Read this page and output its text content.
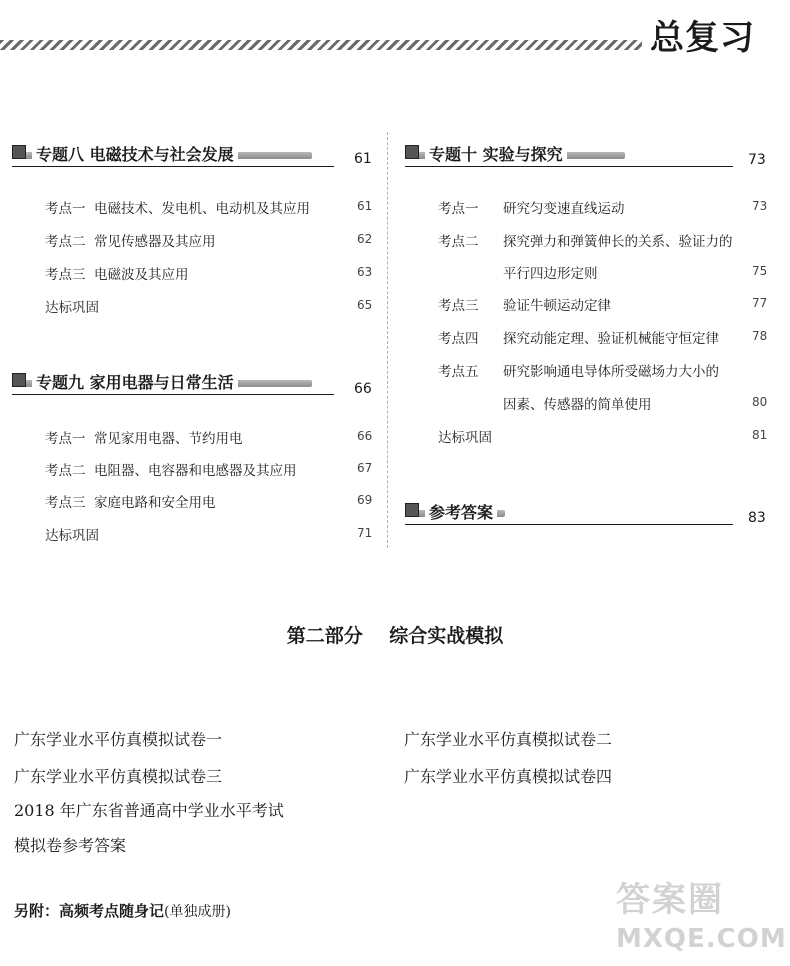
总复习
专题八 电磁技术与社会发展	61
考点一 电磁技术、发电机、电动机及其应用	61
考点二 常见传感器及其应用	62
考点三 电磁波及其应用	63
达标巩固	65
专题九 家用电器与日常生活	66
考点一 常见家用电器、节约用电	66
考点二 电阻器、电容器和电感器及其应用	67
考点三 家庭电路和安全用电	69
达标巩固	71
专题十 实验与探究	73
考点一 研究匀变速直线运动	73
考点二 探究弹力和弹簧伸长的关系、验证力的
平行四边形定则	75
考点三 验证牛顿运动定律	77
考点四 探究动能定理、验证机械能守恒定律	78
考点五 研究影响通电导体所受磁场力大小的
因素、传感器的简单使用	80
达标巩固	81
参考答案	83
第二部分    综合实战模拟
广东学业水平仿真模拟试卷一	广东学业水平仿真模拟试卷二
广东学业水平仿真模拟试卷三	广东学业水平仿真模拟试卷四
2018 年广东省普通高中学业水平考试
模拟卷参考答案
另附：高频考点随身记(单独成册)	答案圈
MXQE.COM
